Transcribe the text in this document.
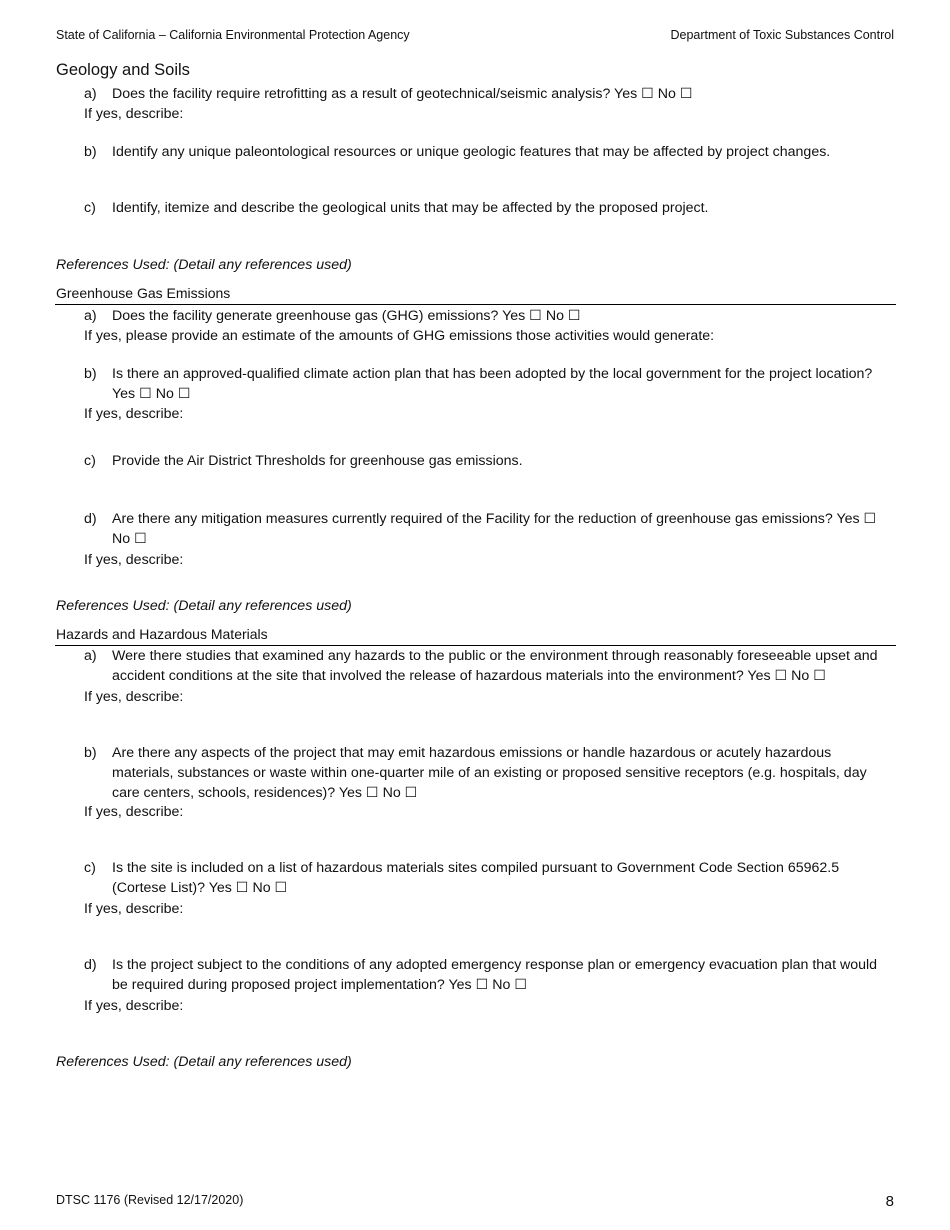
State of California – California Environmental Protection Agency	Department of Toxic Substances Control
Geology and Soils
a) Does the facility require retrofitting as a result of geotechnical/seismic analysis? Yes ☐ No ☐
If yes, describe:
b) Identify any unique paleontological resources or unique geologic features that may be affected by project changes.
c) Identify, itemize and describe the geological units that may be affected by the proposed project.
References Used: (Detail any references used)
Greenhouse Gas Emissions
a) Does the facility generate greenhouse gas (GHG) emissions? Yes ☐ No ☐
If yes, please provide an estimate of the amounts of GHG emissions those activities would generate:
b) Is there an approved-qualified climate action plan that has been adopted by the local government for the project location? Yes ☐ No ☐
If yes, describe:
c) Provide the Air District Thresholds for greenhouse gas emissions.
d) Are there any mitigation measures currently required of the Facility for the reduction of greenhouse gas emissions? Yes ☐ No ☐
If yes, describe:
References Used: (Detail any references used)
Hazards and Hazardous Materials
a) Were there studies that examined any hazards to the public or the environment through reasonably foreseeable upset and accident conditions at the site that involved the release of hazardous materials into the environment? Yes ☐ No ☐
If yes, describe:
b) Are there any aspects of the project that may emit hazardous emissions or handle hazardous or acutely hazardous materials, substances or waste within one-quarter mile of an existing or proposed sensitive receptors (e.g. hospitals, day care centers, schools, residences)? Yes ☐ No ☐
If yes, describe:
c) Is the site is included on a list of hazardous materials sites compiled pursuant to Government Code Section 65962.5 (Cortese List)? Yes ☐ No ☐
If yes, describe:
d) Is the project subject to the conditions of any adopted emergency response plan or emergency evacuation plan that would be required during proposed project implementation? Yes ☐ No ☐
If yes, describe:
References Used: (Detail any references used)
DTSC 1176 (Revised 12/17/2020)	8
